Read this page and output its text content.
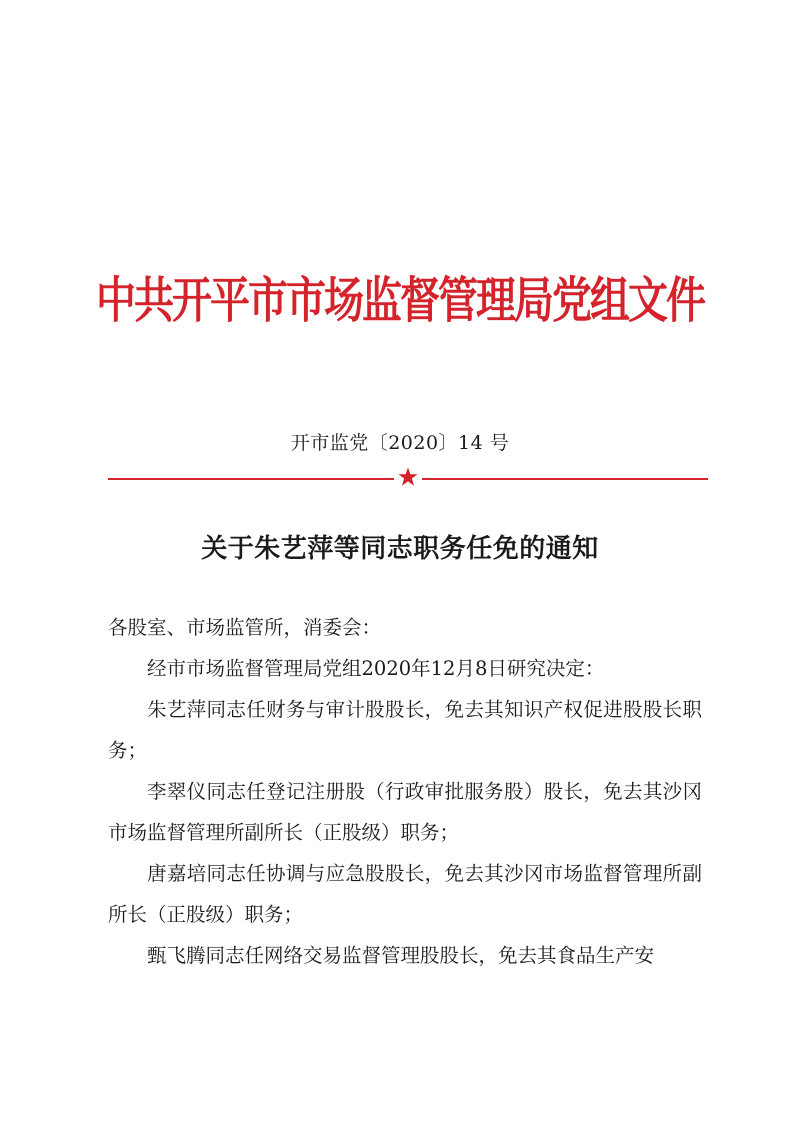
中共开平市市场监督管理局党组文件
开市监党〔2020〕14 号
关于朱艺萍等同志职务任免的通知

各股室、市场监管所，消委会：

经市市场监督管理局党组2020年12月8日研究决定：

朱艺萍同志任财务与审计股股长，免去其知识产权促进股股长职务；

李翠仪同志任登记注册股（行政审批服务股）股长，免去其沙冈市场监督管理所副所长（正股级）职务；

唐嘉培同志任协调与应急股股长，免去其沙冈市场监督管理所副所长（正股级）职务；

甄飞腾同志任网络交易监督管理股股长，免去其食品生产安
